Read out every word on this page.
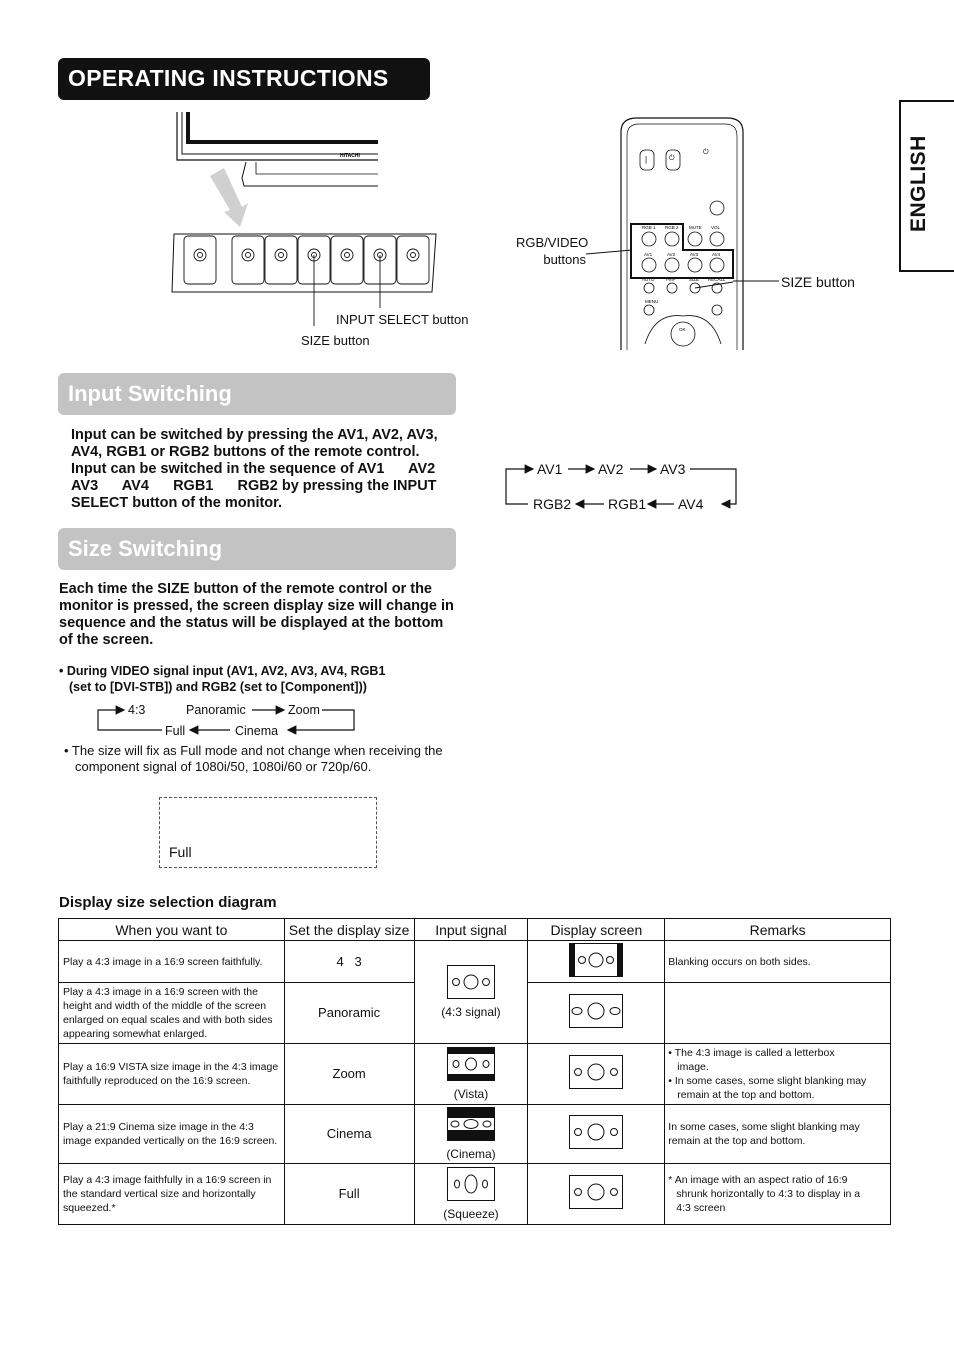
OPERATING INSTRUCTIONS
ENGLISH
HITACHI
INPUT SELECT button
SIZE button
|	⏻
⏻
RGB 1 RGB 2 MUTE VOL
AV1	AV2	AV3	AV4
AUTO	PinP	SIZE RECALL
MENU
OK
RGB/VIDEO
buttons
SIZE button
Input Switching
Input can be switched by pressing the AV1, AV2, AV3,
AV4, RGB1 or RGB2 buttons of the remote control.
Input can be switched in the sequence of AV1      AV2
AV3      AV4      RGB1      RGB2 by pressing the INPUT
SELECT button of the monitor.
AV1	AV2	AV3
AV4
RGB1
RGB2
Size Switching
Each time the SIZE button of the remote control or the
monitor is pressed, the screen display size will change in
sequence and the status will be displayed at the bottom
of the screen.
• During VIDEO signal input (AV1, AV2, AV3, AV4, RGB1
(set to [DVI-STB]) and RGB2 (set to [Component]))
4:3	Panoramic	Zoom
Cinema
Full
• The size will fix as Full mode and not change when receiving the
component signal of 1080i/50, 1080i/60 or 720p/60.
Full
Display size selection diagram
When you want to	Set the display size	Input signal	Display screen	Remarks
Play a 4:3 image in a 16:9 screen faithfully.	4   3	(4:3 signal)		Blanking occurs on both sides.
Play a 4:3 image in a 16:9 screen with the height and width of the middle of the screen enlarged on equal scales and with both sides appearing somewhat enlarged.	Panoramic		
Play a 16:9 VISTA size image in the 4:3 image faithfully reproduced on the 16:9 screen.	Zoom	(Vista)		• The 4:3 image is called a letterbox
image.
• In some cases, some slight blanking may
remain at the top and bottom.

Play a 21:9 Cinema size image in the 4:3 image expanded vertically on the 16:9 screen.	Cinema	(Cinema)		In some cases, some slight blanking may remain at the top and bottom.
Play a 4:3 image faithfully in a 16:9 screen in the standard vertical size and horizontally squeezed.*	Full	(Squeeze)		* An image with an aspect ratio of 16:9
shrunk horizontally to 4:3 to display in a
4:3 screen
